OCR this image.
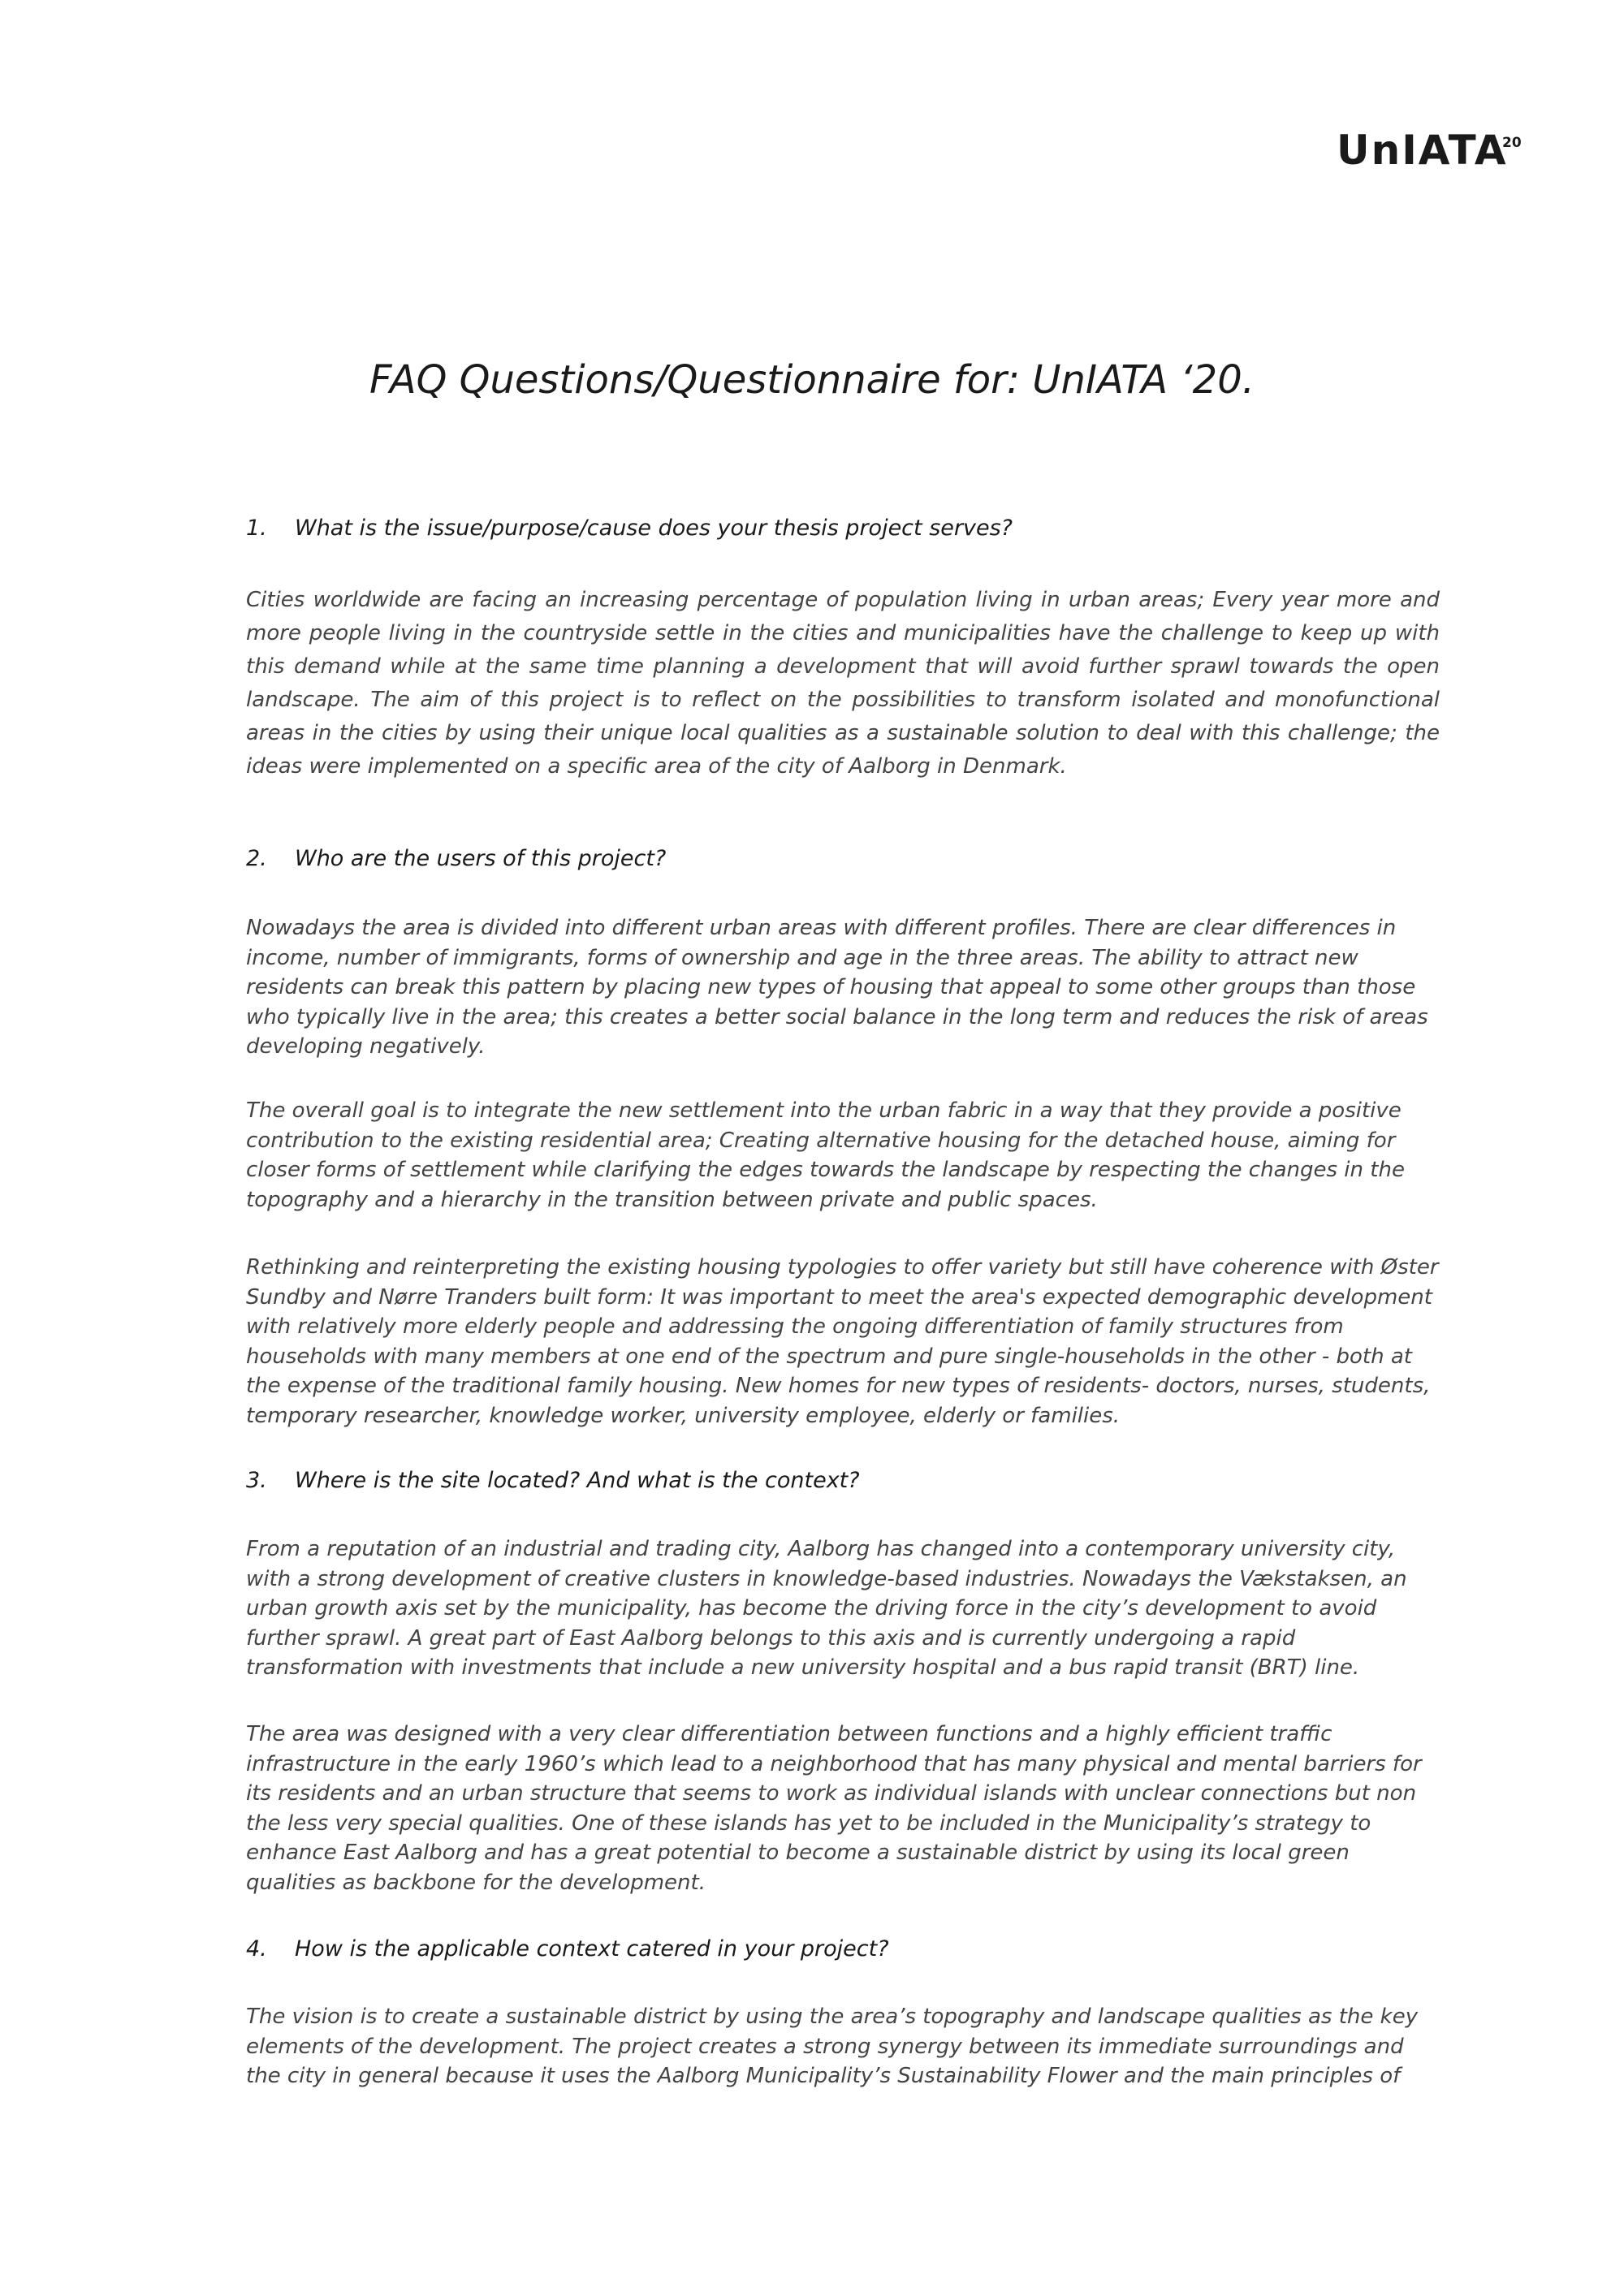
UnIATA
20
FAQ Questions/Questionnaire for: UnIATA ‘20.
1. What is the issue/purpose/cause does your thesis project serves?

Cities worldwide are facing an increasing percentage of population living in urban areas; Every year more and more people living in the countryside settle in the cities and municipalities have the challenge to keep up with this demand while at the same time planning a development that will avoid further sprawl towards the open landscape. The aim of this project is to reflect on the possibilities to transform isolated and monofunctional areas in the cities by using their unique local qualities as a sustainable solution to deal with this challenge; the ideas were implemented on a specific area of the city of Aalborg in Denmark.

2. Who are the users of this project?

Nowadays the area is divided into different urban areas with different profiles. There are clear differences in income, number of immigrants, forms of ownership and age in the three areas. The ability to attract new residents can break this pattern by placing new types of housing that appeal to some other groups than those who typically live in the area; this creates a better social balance in the long term and reduces the risk of areas developing negatively.

The overall goal is to integrate the new settlement into the urban fabric in a way that they provide a positive contribution to the existing residential area; Creating alternative housing for the detached house, aiming for closer forms of settlement while clarifying the edges towards the landscape by respecting the changes in the topography and a hierarchy in the transition between private and public spaces.

Rethinking and reinterpreting the existing housing typologies to offer variety but still have coherence with Øster Sundby and Nørre Tranders built form: It was important to meet the area's expected demographic development with relatively more elderly people and addressing the ongoing differentiation of family structures from households with many members at one end of the spectrum and pure single-households in the other - both at the expense of the traditional family housing. New homes for new types of residents- doctors, nurses, students, temporary researcher, knowledge worker, university employee, elderly or families.

3. Where is the site located? And what is the context?

From a reputation of an industrial and trading city, Aalborg has changed into a contemporary university city, with a strong development of creative clusters in knowledge-based industries. Nowadays the Vækstaksen, an urban growth axis set by the municipality, has become the driving force in the city’s development to avoid further sprawl. A great part of East Aalborg belongs to this axis and is currently undergoing a rapid transformation with investments that include a new university hospital and a bus rapid transit (BRT) line.

The area was designed with a very clear differentiation between functions and a highly efficient traffic infrastructure in the early 1960’s which lead to a neighborhood that has many physical and mental barriers for its residents and an urban structure that seems to work as individual islands with unclear connections but non the less very special qualities. One of these islands has yet to be included in the Municipality’s strategy to enhance East Aalborg and has a great potential to become a sustainable district by using its local green qualities as backbone for the development.

4. How is the applicable context catered in your project?

The vision is to create a sustainable district by using the area’s topography and landscape qualities as the key elements of the development. The project creates a strong synergy between its immediate surroundings and the city in general because it uses the Aalborg Municipality’s Sustainability Flower and the main principles of
